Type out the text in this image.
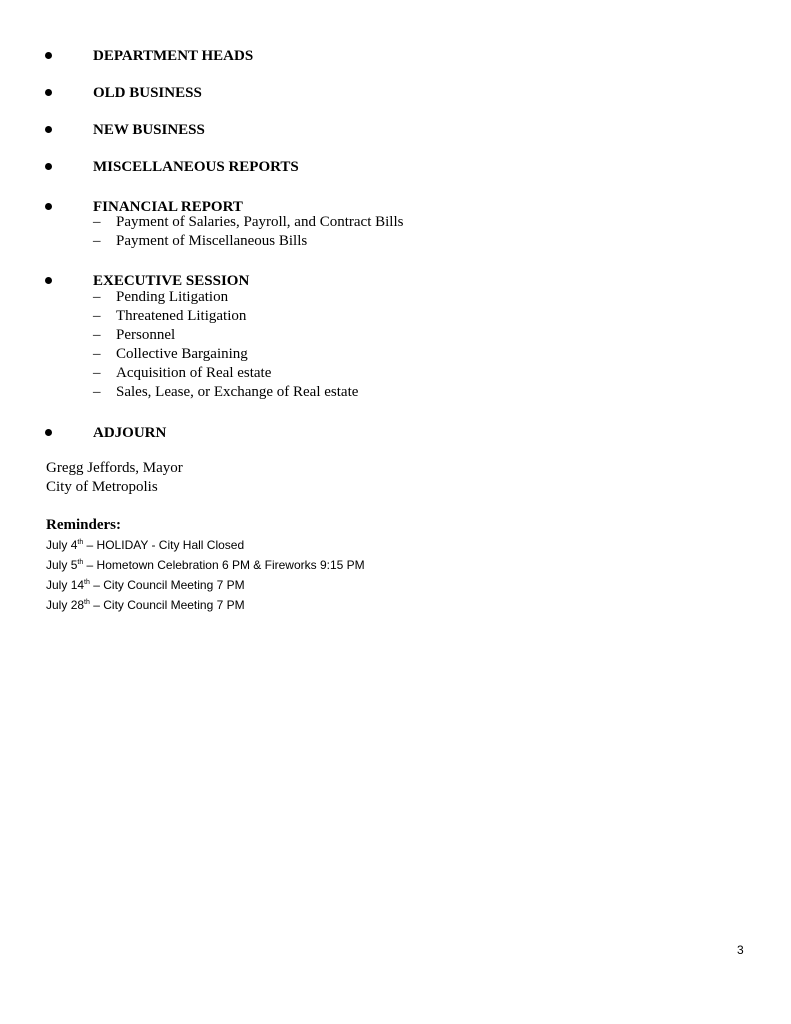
DEPARTMENT HEADS
OLD BUSINESS
NEW BUSINESS
MISCELLANEOUS REPORTS
FINANCIAL REPORT
– Payment of Salaries, Payroll, and Contract Bills
– Payment of Miscellaneous Bills
EXECUTIVE SESSION
– Pending Litigation
– Threatened Litigation
– Personnel
– Collective Bargaining
– Acquisition of Real estate
– Sales, Lease, or Exchange of Real estate
ADJOURN
Gregg Jeffords, Mayor
City of Metropolis
Reminders:
July 4th – HOLIDAY - City Hall Closed
July 5th – Hometown Celebration 6 PM & Fireworks 9:15 PM
July 14th – City Council Meeting 7 PM
July 28th – City Council Meeting 7 PM
3
